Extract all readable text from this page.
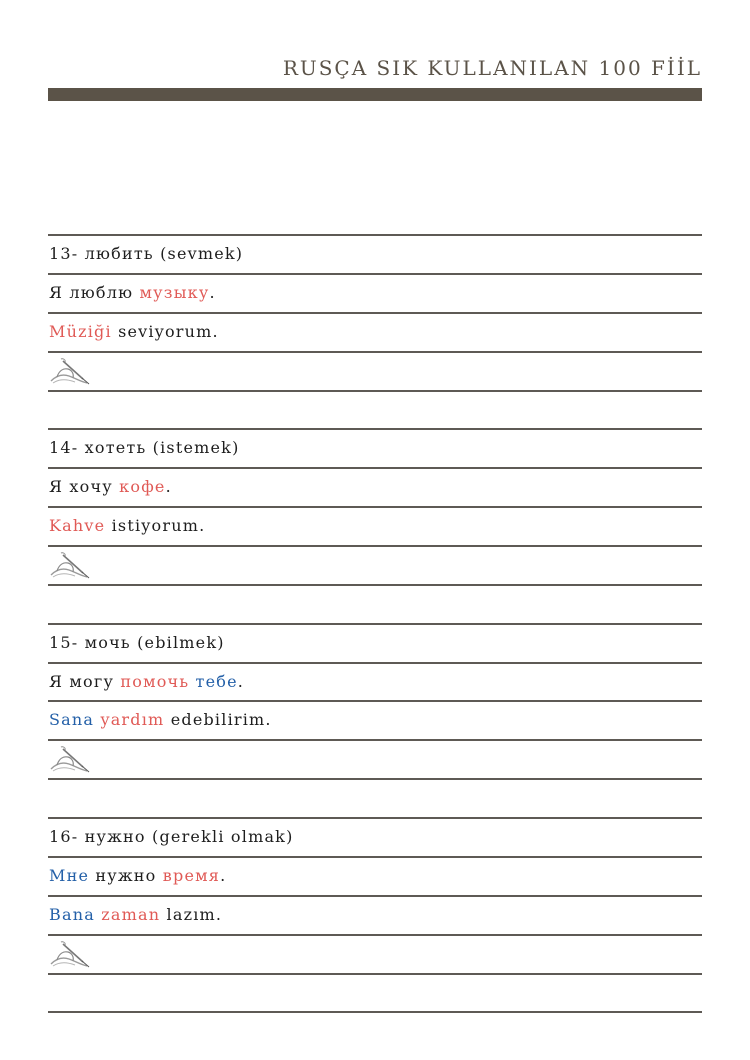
RUSÇA SIK KULLANILAN 100 FİİL
13- любить (sevmek)
Я люблю музыку.
Müziği seviyorum.
14- хотеть (istemek)
Я хочу кофе.
Kahve istiyorum.
15- мочь (ebilmek)
Я могу помочь тебе.
Sana yardım edebilirim.
16- нужно (gerekli olmak)
Мне нужно время.
Bana zaman lazım.
